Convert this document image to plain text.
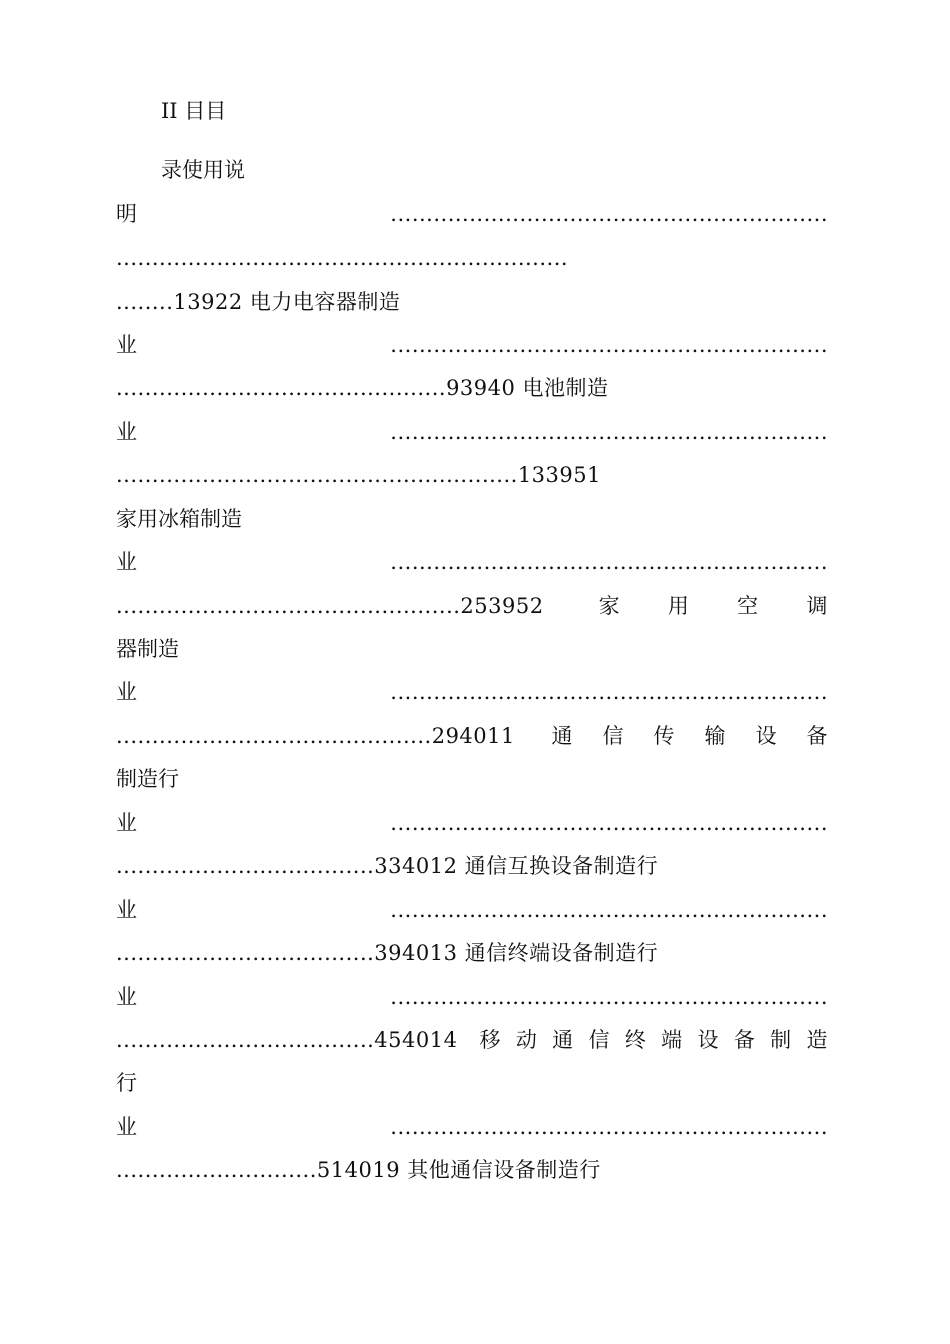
II 目目
录使用说
明.............................................................
...............................................................
........13922 电力电容器制造
业.............................................................
..............................................93940 电池制造
业.............................................................
........................................................133951
家用冰箱制造
业.............................................................
................................................253952 家用空调
器制造
业.............................................................
............................................294011 通信传输设备
制造行
业.............................................................
....................................334012 通信互换设备制造行
业.............................................................
....................................394013 通信终端设备制造行
业.............................................................
....................................454014 移动通信终端设备制造
行
业.............................................................
............................514019 其他通信设备制造行
